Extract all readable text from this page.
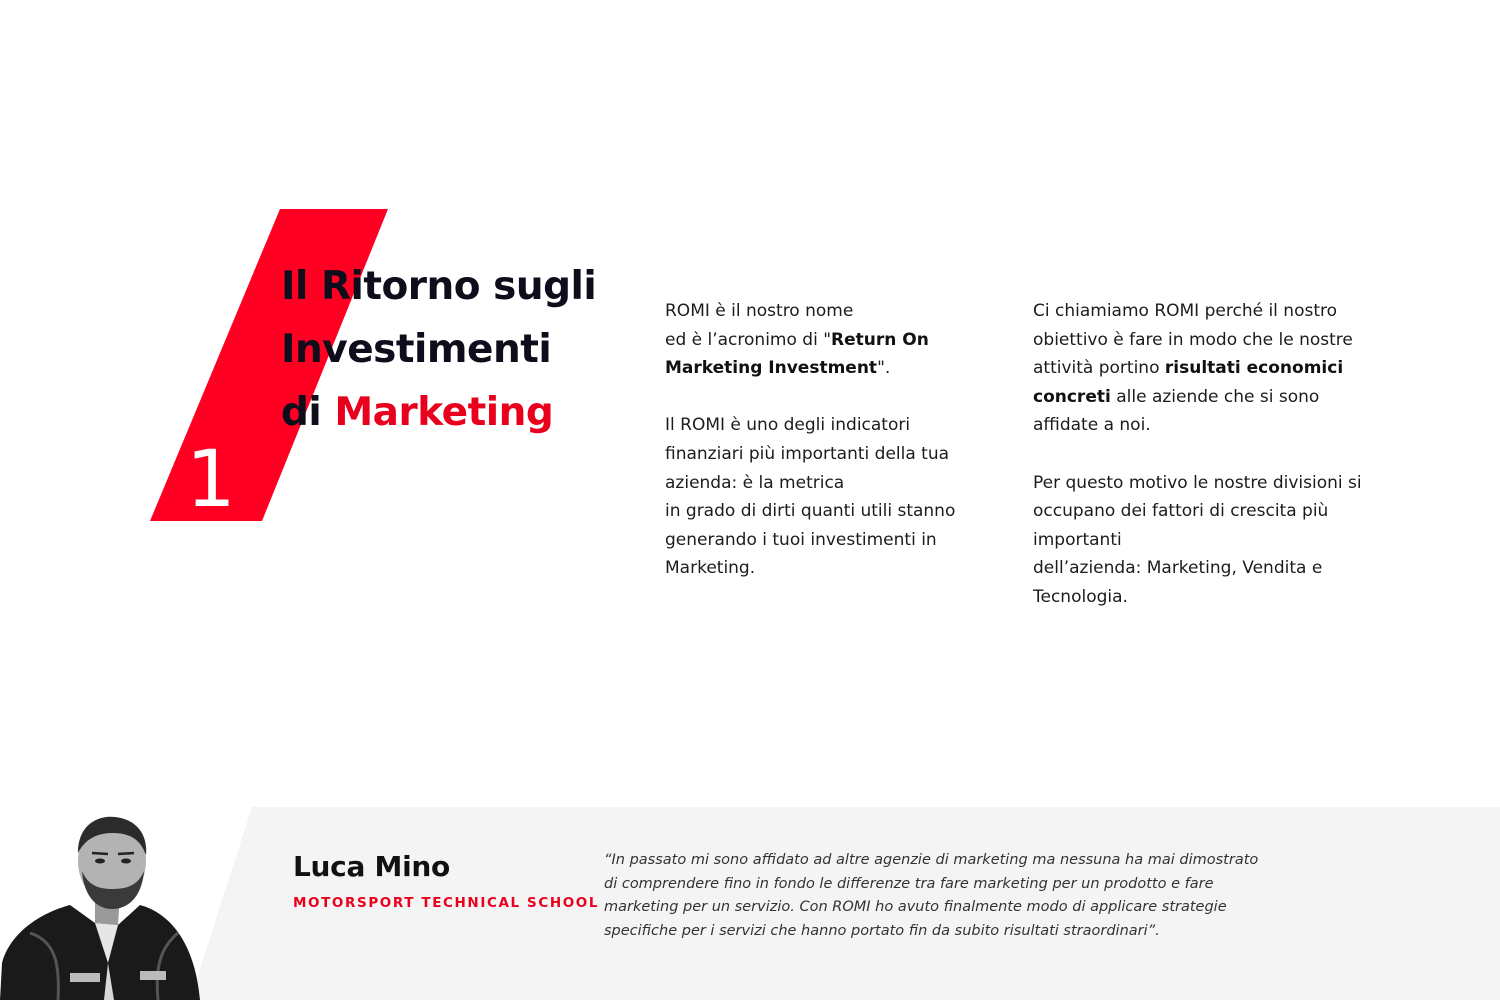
1
Il Ritorno sugli
Investimenti
di Marketing

ROMI è il nostro nome
ed è l’acronimo di "Return On Marketing Investment".

Il ROMI è uno degli indicatori finanziari più importanti della tua azienda: è la metrica
in grado di dirti quanti utili stanno generando i tuoi investimenti in Marketing.

Ci chiamiamo ROMI perché il nostro obiettivo è fare in modo che le nostre attività portino risultati economici concreti alle aziende che si sono affidate a noi.

Per questo motivo le nostre divisioni si occupano dei fattori di crescita più importanti
dell’azienda: Marketing, Vendita e Tecnologia.

Luca Mino
MOTORSPORT TECHNICAL SCHOOL

“In passato mi sono affidato ad altre agenzie di marketing ma nessuna ha mai dimostrato di comprendere fino in fondo le differenze tra fare marketing per un prodotto e fare marketing per un servizio. Con ROMI ho avuto finalmente modo di applicare strategie specifiche per i servizi che hanno portato fin da subito risultati straordinari”.
